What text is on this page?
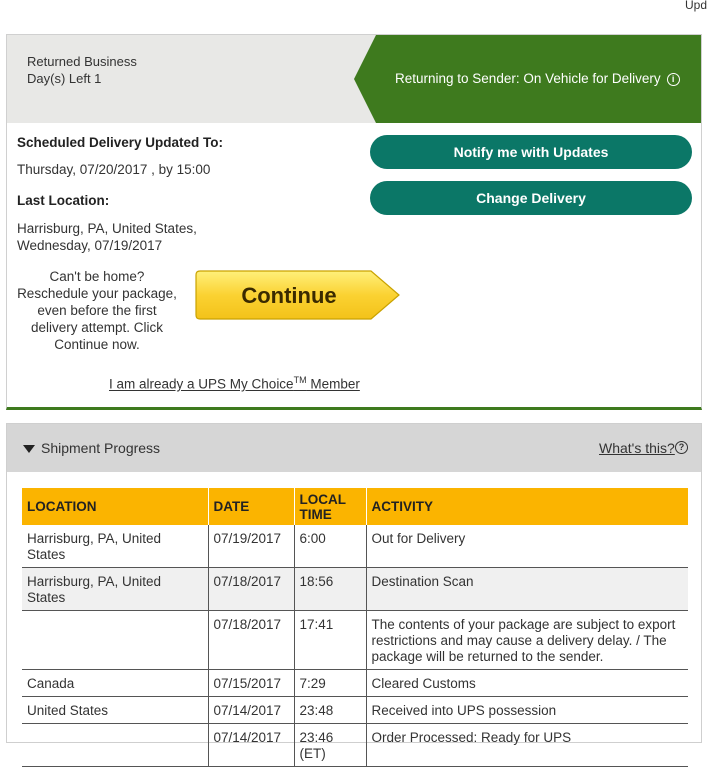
Upd
Returned Business Day(s) Left 1	Returning to Sender: On Vehicle for Delivery i
Scheduled Delivery Updated To:
Thursday, 07/20/2017 , by 15:00
Last Location:
Harrisburg, PA, United States,
Wednesday, 07/19/2017
Notify me with Updates
Change Delivery
Can't be home? Reschedule your package, even before the first delivery attempt. Click Continue now.
Continue
I am already a UPS My Choice™ Member
Shipment Progress	What's this? ?
LOCATION	DATE	LOCAL TIME	ACTIVITY
Harrisburg, PA, United States	07/19/2017	6:00	Out for Delivery
Harrisburg, PA, United States	07/18/2017	18:56	Destination Scan
	07/18/2017	17:41	The contents of your package are subject to export restrictions and may cause a delivery delay. / The package will be returned to the sender.
Canada	07/15/2017	7:29	Cleared Customs
United States	07/14/2017	23:48	Received into UPS possession
	07/14/2017	23:46 (ET)	Order Processed: Ready for UPS
